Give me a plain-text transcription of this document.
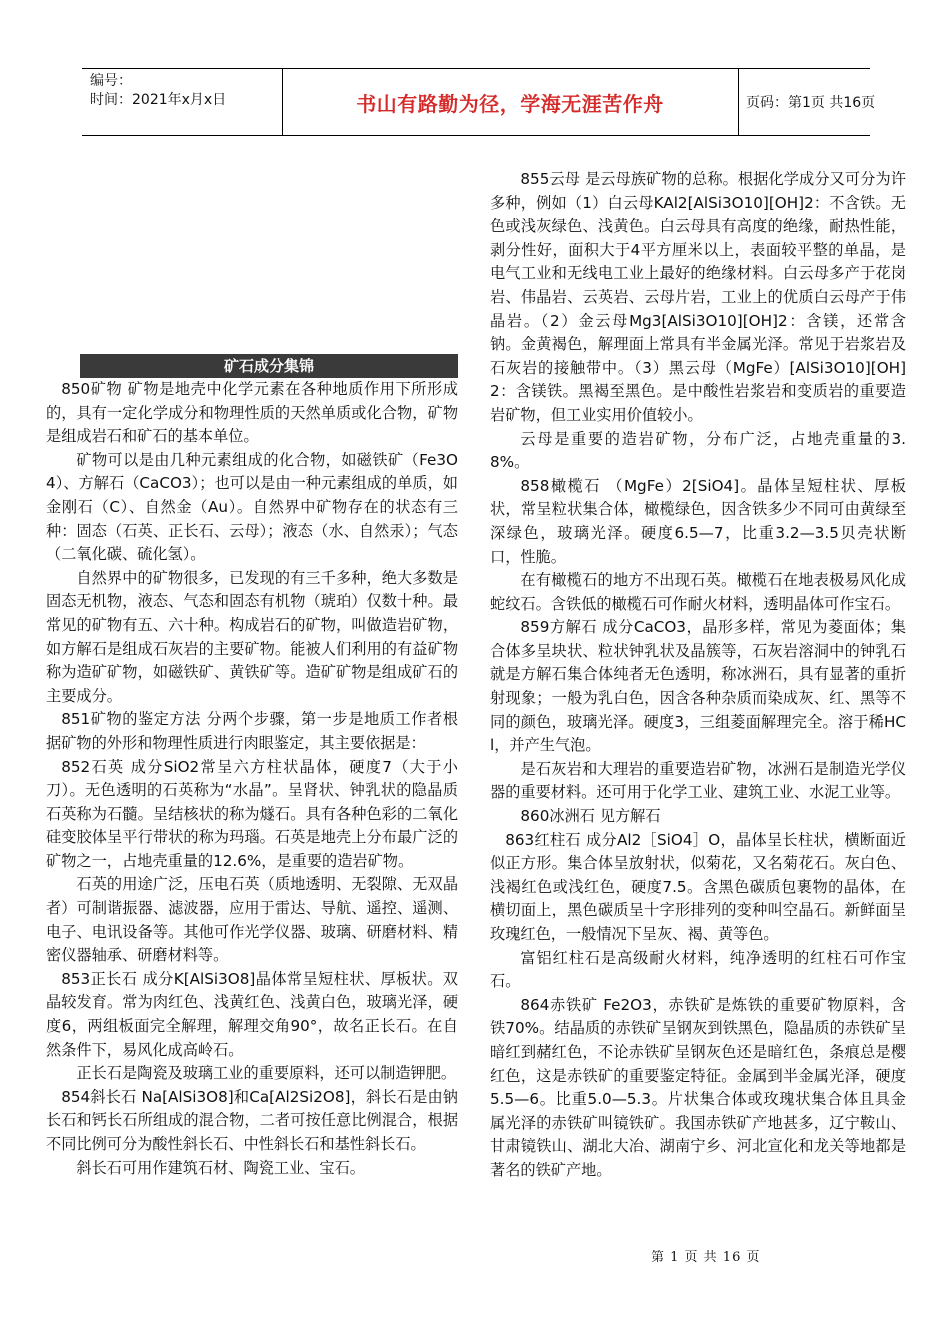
编号：
时间：2021年x月x日	书山有路勤为径，学海无涯苦作舟	页码：第1页 共16页
矿石成分集锦

850矿物 矿物是地壳中化学元素在各种地质作用下所形成的，具有一定化学成分和物理性质的天然单质或化合物，矿物是组成岩石和矿石的基本单位。

矿物可以是由几种元素组成的化合物，如磁铁矿（Fe3O4）、方解石（CaCO3）；也可以是由一种元素组成的单质，如金刚石（C）、自然金（Au）。自然界中矿物存在的状态有三种：固态（石英、正长石、云母）；液态（水、自然汞）；气态（二氧化碳、硫化氢）。

自然界中的矿物很多，已发现的有三千多种，绝大多数是固态无机物，液态、气态和固态有机物（琥珀）仅数十种。最常见的矿物有五、六十种。构成岩石的矿物，叫做造岩矿物，如方解石是组成石灰岩的主要矿物。能被人们利用的有益矿物称为造矿矿物，如磁铁矿、黄铁矿等。造矿矿物是组成矿石的主要成分。

851矿物的鉴定方法 分两个步骤，第一步是地质工作者根据矿物的外形和物理性质进行肉眼鉴定，其主要依据是：

852石英 成分SiO2常呈六方柱状晶体，硬度7（大于小刀）。无色透明的石英称为“水晶”。呈肾状、钟乳状的隐晶质石英称为石髓。呈结核状的称为燧石。具有各种色彩的二氧化硅变胶体呈平行带状的称为玛瑙。石英是地壳上分布最广泛的矿物之一，占地壳重量的12.6%，是重要的造岩矿物。

石英的用途广泛，压电石英（质地透明、无裂隙、无双晶者）可制谐振器、滤波器，应用于雷达、导航、遥控、遥测、电子、电讯设备等。其他可作光学仪器、玻璃、研磨材料、精密仪器轴承、研磨材料等。

853正长石 成分K[AlSi3O8]晶体常呈短柱状、厚板状。双晶较发育。常为肉红色、浅黄红色、浅黄白色，玻璃光泽，硬度6，两组板面完全解理，解理交角90°，故名正长石。在自然条件下，易风化成高岭石。

正长石是陶瓷及玻璃工业的重要原料，还可以制造钾肥。

854斜长石 Na[AlSi3O8]和Ca[Al2Si2O8]，斜长石是由钠长石和钙长石所组成的混合物，二者可按任意比例混合，根据不同比例可分为酸性斜长石、中性斜长石和基性斜长石。

斜长石可用作建筑石材、陶瓷工业、宝石。

855云母 是云母族矿物的总称。根据化学成分又可分为许多种，例如（1）白云母KAl2[AlSi3O10][OH]2：不含铁。无色或浅灰绿色、浅黄色。白云母具有高度的绝缘，耐热性能，剥分性好，面积大于4平方厘米以上，表面较平整的单晶，是电气工业和无线电工业上最好的绝缘材料。白云母多产于花岗岩、伟晶岩、云英岩、云母片岩，工业上的优质白云母产于伟晶岩。（2）金云母Mg3[AlSi3O10][OH]2：含镁，还常含钠。金黄褐色，解理面上常具有半金属光泽。常见于岩浆岩及石灰岩的接触带中。（3）黑云母（MgFe）[AlSi3O10][OH]2：含镁铁。黑褐至黑色。是中酸性岩浆岩和变质岩的重要造岩矿物，但工业实用价值较小。

云母是重要的造岩矿物，分布广泛，占地壳重量的3.8%。

858橄榄石 （MgFe）2[SiO4]。晶体呈短柱状、厚板状，常呈粒状集合体，橄榄绿色，因含铁多少不同可由黄绿至深绿色，玻璃光泽。硬度6.5—7，比重3.2—3.5贝壳状断口，性脆。

在有橄榄石的地方不出现石英。橄榄石在地表极易风化成蛇纹石。含铁低的橄榄石可作耐火材料，透明晶体可作宝石。

859方解石 成分CaCO3，晶形多样，常见为菱面体；集合体多呈块状、粒状钟乳状及晶簇等，石灰岩溶洞中的钟乳石就是方解石集合体纯者无色透明，称冰洲石，具有显著的重折射现象；一般为乳白色，因含各种杂质而染成灰、红、黑等不同的颜色，玻璃光泽。硬度3，三组菱面解理完全。溶于稀HCl，并产生气泡。

是石灰岩和大理岩的重要造岩矿物，冰洲石是制造光学仪器的重要材料。还可用于化学工业、建筑工业、水泥工业等。

860冰洲石 见方解石

863红柱石 成分Al2［SiO4］O，晶体呈长柱状，横断面近似正方形。集合体呈放射状，似菊花，又名菊花石。灰白色、浅褐红色或浅红色，硬度7.5。含黑色碳质包裹物的晶体，在横切面上，黑色碳质呈十字形排列的变种叫空晶石。新鲜面呈玫瑰红色，一般情况下呈灰、褐、黄等色。

富铝红柱石是高级耐火材料，纯净透明的红柱石可作宝石。

864赤铁矿 Fe2O3，赤铁矿是炼铁的重要矿物原料，含铁70%。结晶质的赤铁矿呈钢灰到铁黑色，隐晶质的赤铁矿呈暗红到赭红色，不论赤铁矿呈钢灰色还是暗红色，条痕总是樱红色，这是赤铁矿的重要鉴定特征。金属到半金属光泽，硬度5.5—6。比重5.0—5.3。片状集合体或玫瑰状集合体且具金属光泽的赤铁矿叫镜铁矿。我国赤铁矿产地甚多，辽宁鞍山、甘肃镜铁山、湖北大冶、湖南宁乡、河北宣化和龙关等地都是著名的铁矿产地。

第 1 页 共 16 页
